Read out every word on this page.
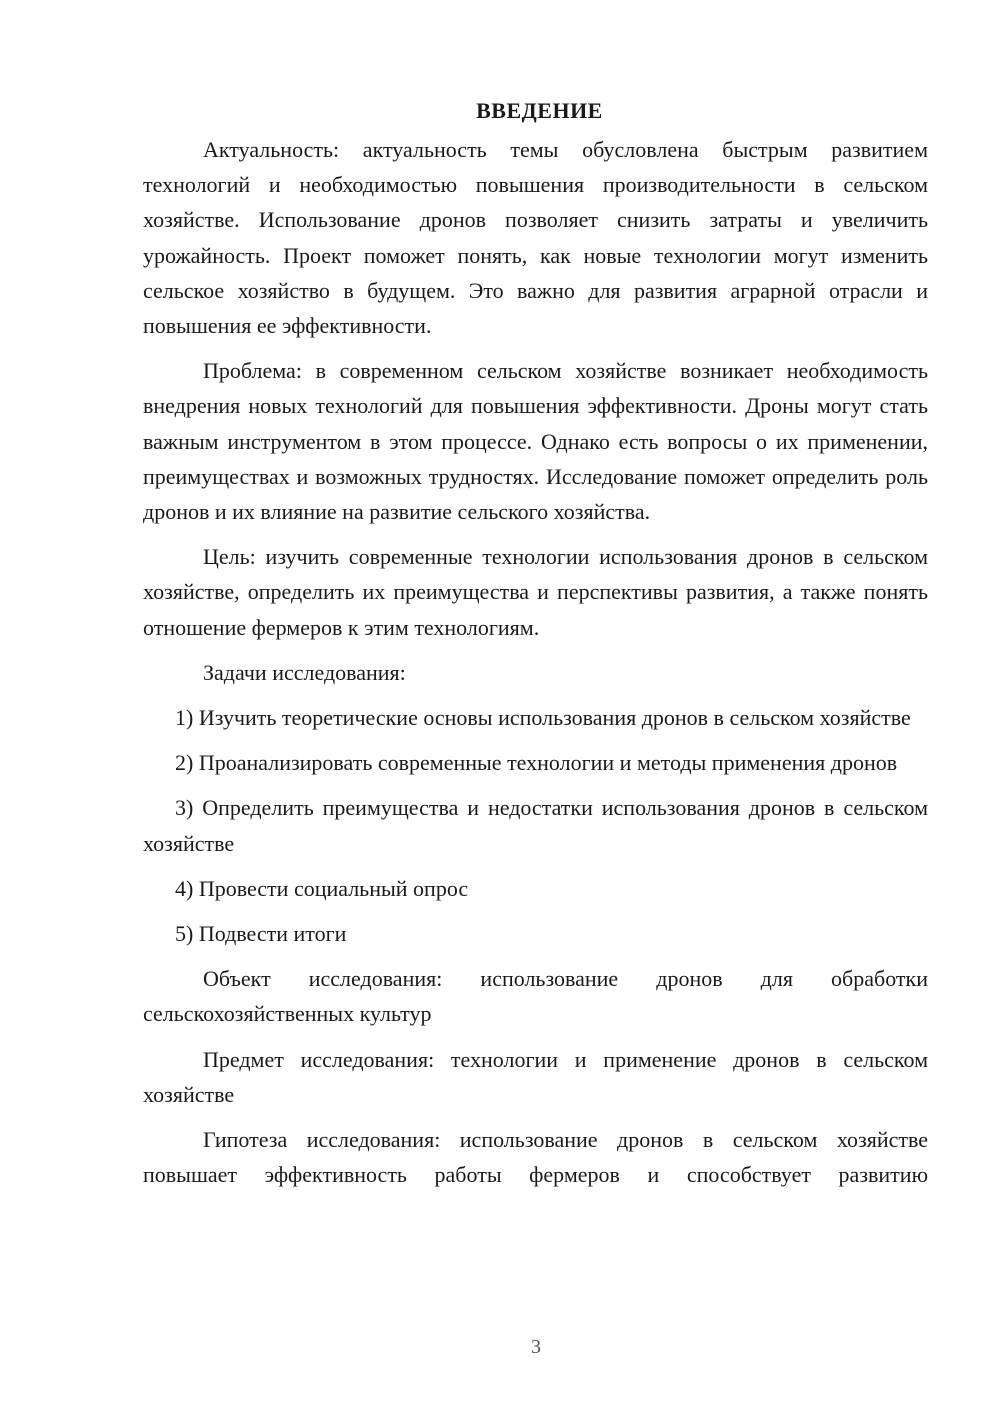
ВВЕДЕНИЕ

Актуальность: актуальность темы обусловлена быстрым развитием технологий и необходимостью повышения производительности в сельском хозяйстве. Использование дронов позволяет снизить затраты и увеличить урожайность. Проект поможет понять, как новые технологии могут изменить сельское хозяйство в будущем. Это важно для развития аграрной отрасли и повышения ее эффективности.

Проблема: в современном сельском хозяйстве возникает необходимость внедрения новых технологий для повышения эффективности. Дроны могут стать важным инструментом в этом процессе. Однако есть вопросы о их применении, преимуществах и возможных трудностях. Исследование поможет определить роль дронов и их влияние на развитие сельского хозяйства.

Цель: изучить современные технологии использования дронов в сельском хозяйстве, определить их преимущества и перспективы развития, а также понять отношение фермеров к этим технологиям.

Задачи исследования:

1) Изучить теоретические основы использования дронов в сельском хозяйстве

2) Проанализировать современные технологии и методы применения дронов

3) Определить преимущества и недостатки использования дронов в сельском хозяйстве

4) Провести социальный опрос

5) Подвести итоги

Объект исследования: использование дронов для обработки сельскохозяйственных культур

Предмет исследования: технологии и применение дронов в сельском хозяйстве

Гипотеза исследования: использование дронов в сельском хозяйстве повышает эффективность работы фермеров и способствует развитию

3
